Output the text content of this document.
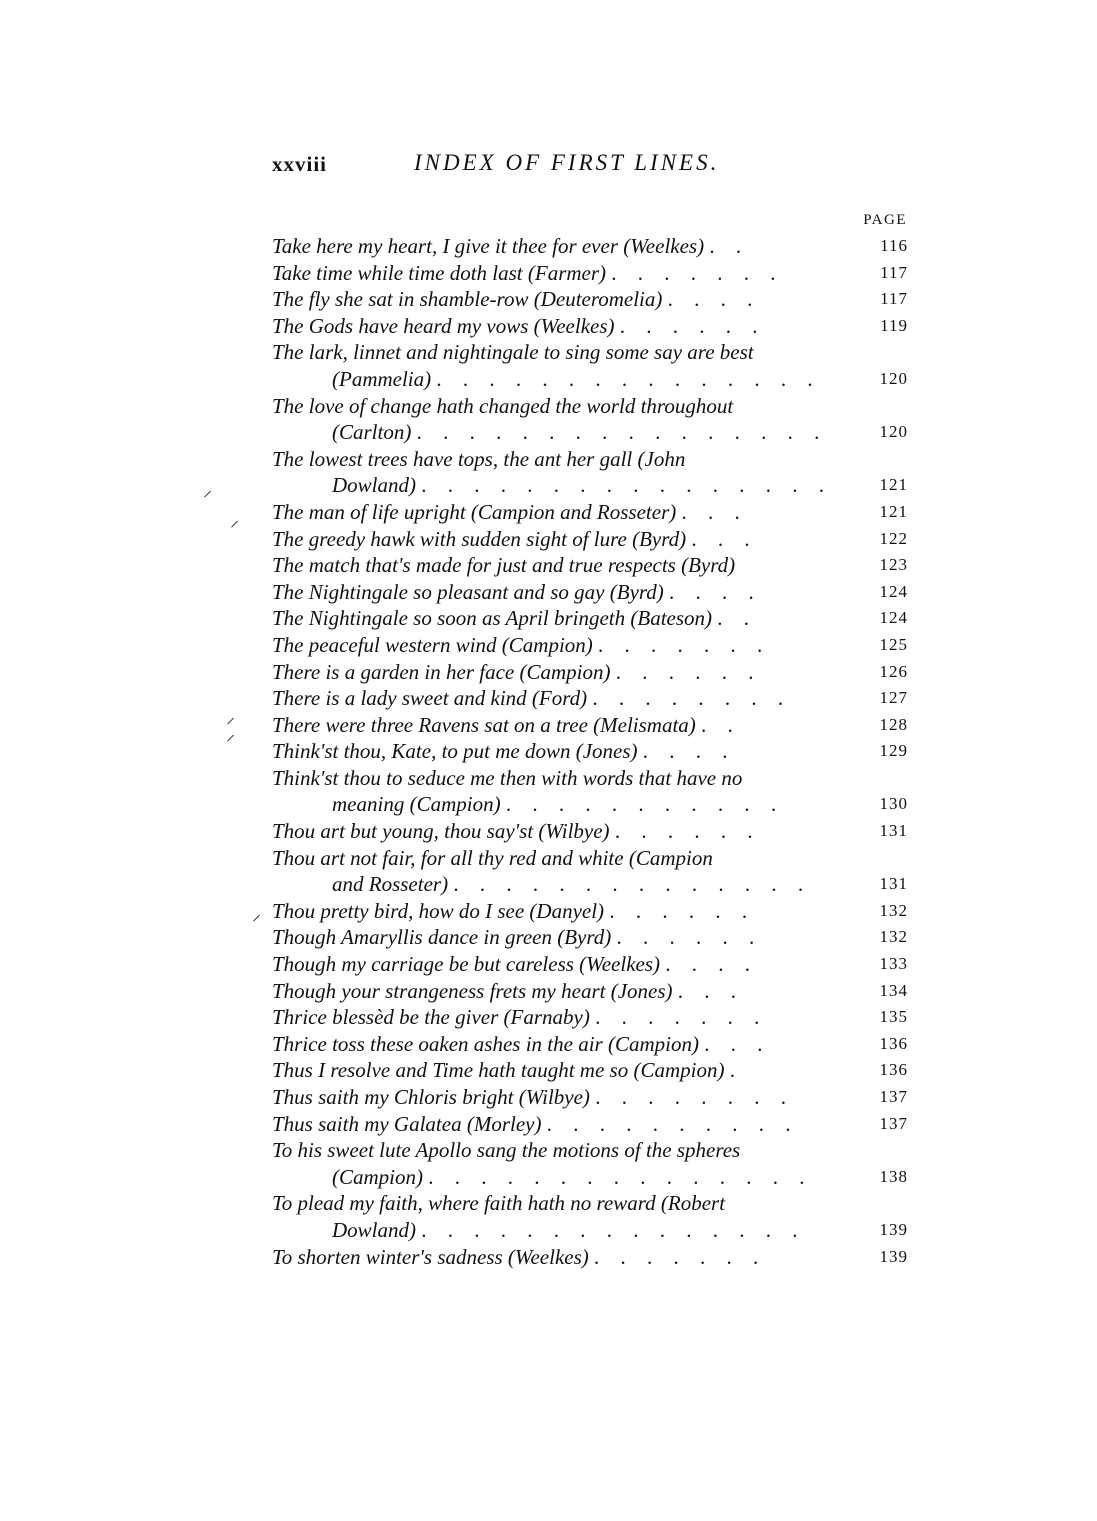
xxviii	INDEX OF FIRST LINES.
PAGE
Take here my heart, I give it thee for ever (Weelkes) . .	116
Take time while time doth last (Farmer) . . . . . . .	117
The fly she sat in shamble-row (Deuteromelia) . . . .	117
The Gods have heard my vows (Weelkes) . . . . . .	119
The lark, linnet and nightingale to sing some say are best
(Pammelia) . . . . . . . . . . . . . . .	120
The love of change hath changed the world throughout
(Carlton) . . . . . . . . . . . . . . . .	120
The lowest trees have tops, the ant her gall (John
Dowland) . . . . . . . . . . . . . . . .	121
The man of life upright (Campion and Rosseter) . . .	121
The greedy hawk with sudden sight of lure (Byrd) . . .	122
The match that's made for just and true respects (Byrd)	123
The Nightingale so pleasant and so gay (Byrd) . . . .	124
The Nightingale so soon as April bringeth (Bateson) . .	124
The peaceful western wind (Campion) . . . . . . .	125
There is a garden in her face (Campion) . . . . . .	126
There is a lady sweet and kind (Ford) . . . . . . . .	127
There were three Ravens sat on a tree (Melismata) . .	128
Think'st thou, Kate, to put me down (Jones) . . . .	129
Think'st thou to seduce me then with words that have no
meaning (Campion) . . . . . . . . . . .	130
Thou art but young, thou say'st (Wilbye) . . . . . .	131
Thou art not fair, for all thy red and white (Campion
and Rosseter) . . . . . . . . . . . . . .	131
Thou pretty bird, how do I see (Danyel) . . . . . .	132
Though Amaryllis dance in green (Byrd) . . . . . .	132
Though my carriage be but careless (Weelkes) . . . .	133
Though your strangeness frets my heart (Jones) . . .	134
Thrice blessèd be the giver (Farnaby) . . . . . . .	135
Thrice toss these oaken ashes in the air (Campion) . . .	136
Thus I resolve and Time hath taught me so (Campion) .	136
Thus saith my Chloris bright (Wilbye) . . . . . . . .	137
Thus saith my Galatea (Morley) . . . . . . . . . .	137
To his sweet lute Apollo sang the motions of the spheres
(Campion) . . . . . . . . . . . . . . .	138
To plead my faith, where faith hath no reward (Robert
Dowland) . . . . . . . . . . . . . . .	139
To shorten winter's sadness (Weelkes) . . . . . . .	139
⸝
⸝
⸝
⸝
⸝
